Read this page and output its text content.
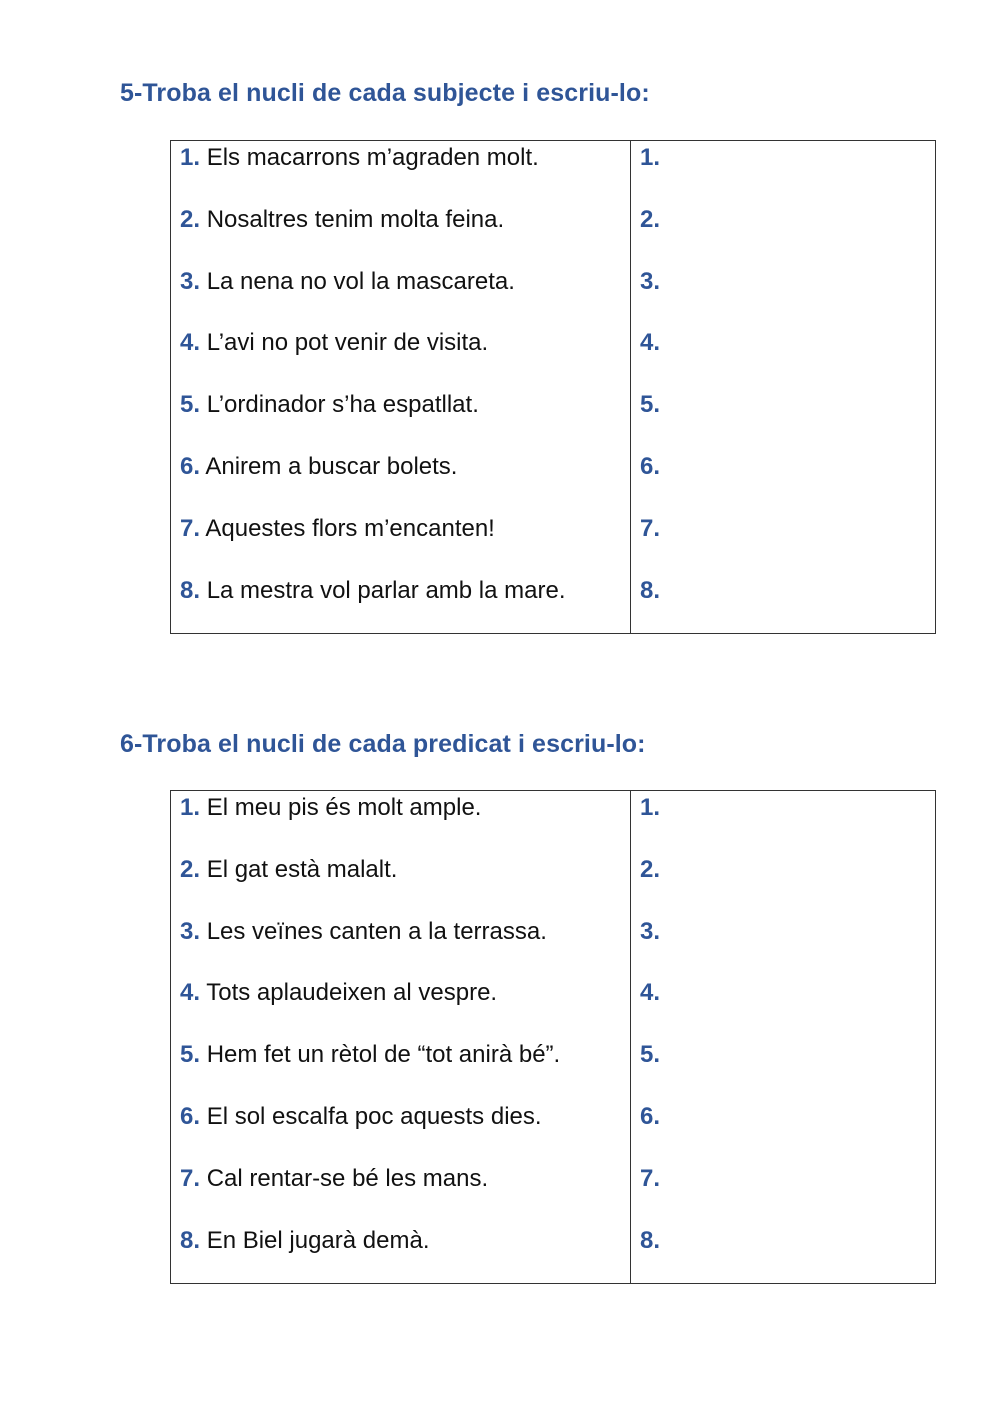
5-Troba el nucli de cada subjecte i escriu-lo:
1. Els macarrons m’agraden molt.
2. Nosaltres tenim molta feina.
3. La nena no vol la mascareta.
4. L’avi no pot venir de visita.
5. L’ordinador s’ha espatllat.
6. Anirem a buscar bolets.
7. Aquestes flors m’encanten!
8. La mestra vol parlar amb la mare.
1.
2.
3.
4.
5.
6.
7.
8.
6-Troba el nucli de cada predicat i escriu-lo:
1. El meu pis és molt ample.
2. El gat està malalt.
3. Les veïnes canten a la terrassa.
4. Tots aplaudeixen al vespre.
5. Hem fet un rètol de “tot anirà bé”.
6. El sol escalfa poc aquests dies.
7. Cal rentar-se bé les mans.
8. En Biel jugarà demà.
1.
2.
3.
4.
5.
6.
7.
8.
